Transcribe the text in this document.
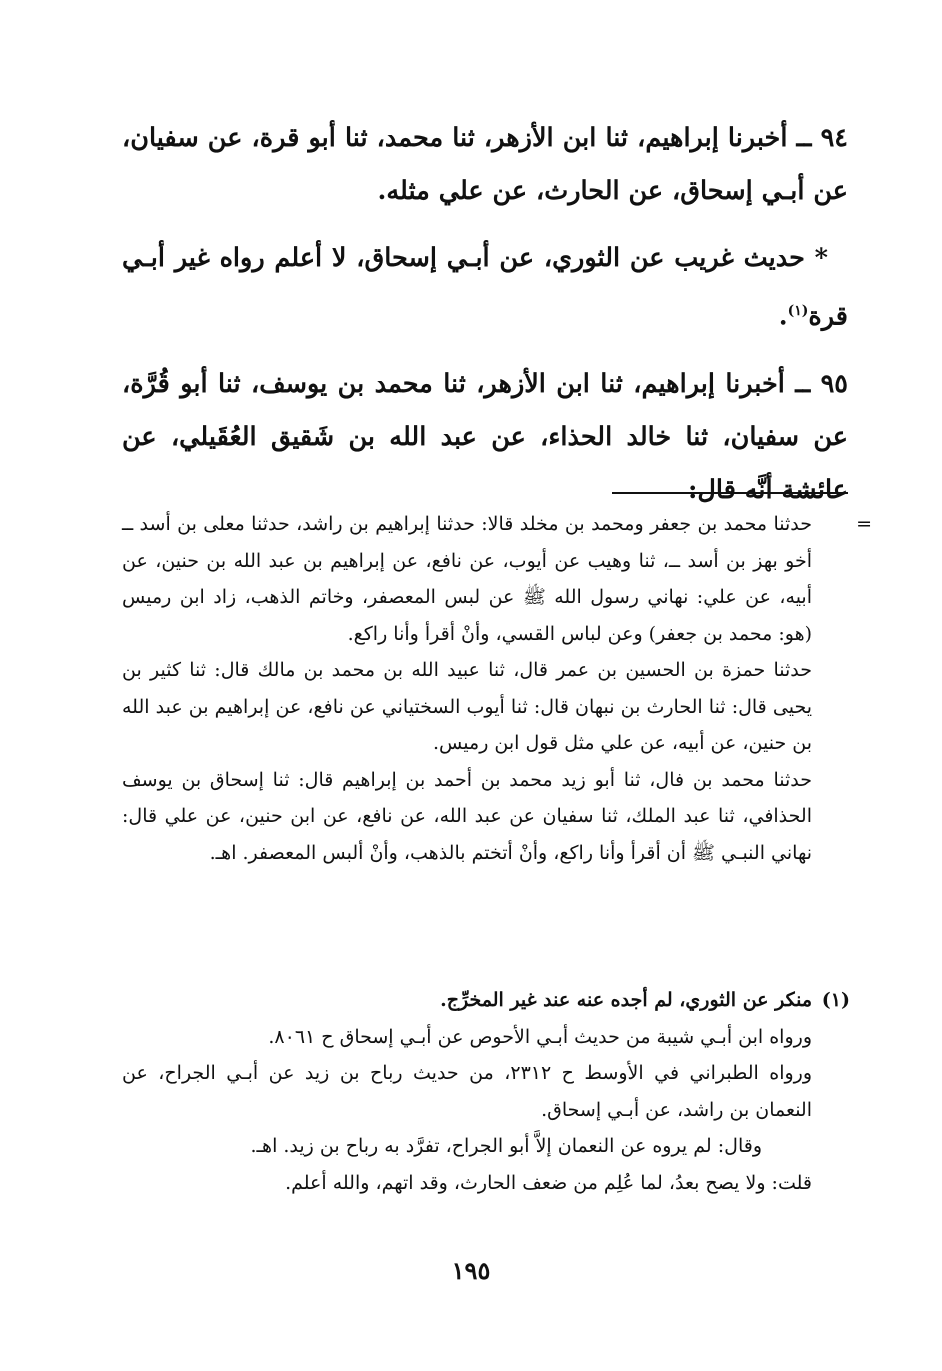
٩٤ ــ أخبرنا إبراهيم، ثنا ابن الأزهر، ثنا محمد، ثنا أبو قرة، عن سفيان، عن أبـي إسحاق، عن الحارث، عن علي مثله.

* حديث غريب عن الثوري، عن أبـي إسحاق، لا أعلم رواه غير أبـي قرة$^{(١)}$.

٩٥ ــ أخبرنا إبراهيم، ثنا ابن الأزهر، ثنا محمد بن يوسف، ثنا أبو قُرَّة، عن سفيان، ثنا خالد الحذاء، عن عبد الله بن شَقيق العُقَيلي، عن عائشة أنَّه قال:

=

حدثنا محمد بن جعفر ومحمد بن مخلد قالا: حدثنا إبراهيم بن راشد، حدثنا معلى بن أسد ــ أخو بهز بن أسد ــ، ثنا وهيب عن أيوب، عن نافع، عن إبراهيم بن عبد الله بن حنين، عن أبيه، عن علي: نهاني رسول الله ﷺ عن لبس المعصفر، وخاتم الذهب، زاد ابن رميس (هو: محمد بن جعفر) وعن لباس القسي، وأنْ أقرأ وأنا راكع.

حدثنا حمزة بن الحسين بن عمر قال، ثنا عبيد الله بن محمد بن مالك قال: ثنا كثير بن يحيى قال: ثنا الحارث بن نبهان قال: ثنا أيوب السختياني عن نافع، عن إبراهيم بن عبد الله بن حنين، عن أبيه، عن علي مثل قول ابن رميس.

حدثنا محمد بن فال، ثنا أبو زيد محمد بن أحمد بن إبراهيم قال: ثنا إسحاق بن يوسف الحذافي، ثنا عبد الملك، ثنا سفيان عن عبد الله، عن نافع، عن ابن حنين، عن علي قال: نهاني النبـي ﷺ أن أقرأ وأنا راكع، وأنْ أتختم بالذهب، وأنْ ألبس المعصفر. اهـ.

(١)

منكر عن الثوري، لم أجده عنه عند غير المخرِّج.

ورواه ابن أبـي شيبة من حديث أبـي الأحوص عن أبـي إسحاق ح ٨٠٦١.

ورواه الطبراني في الأوسط ح ٢٣١٢، من حديث رباح بن زيد عن أبـي الجراح، عن النعمان بن راشد، عن أبـي إسحاق.

وقال: لم يروه عن النعمان إلاَّ أبو الجراح، تفرَّد به رباح بن زيد. اهـ.

قلت: ولا يصح بعدُ، لما عُلِم من ضعف الحارث، وقد اتهم، والله أعلم.

١٩٥
